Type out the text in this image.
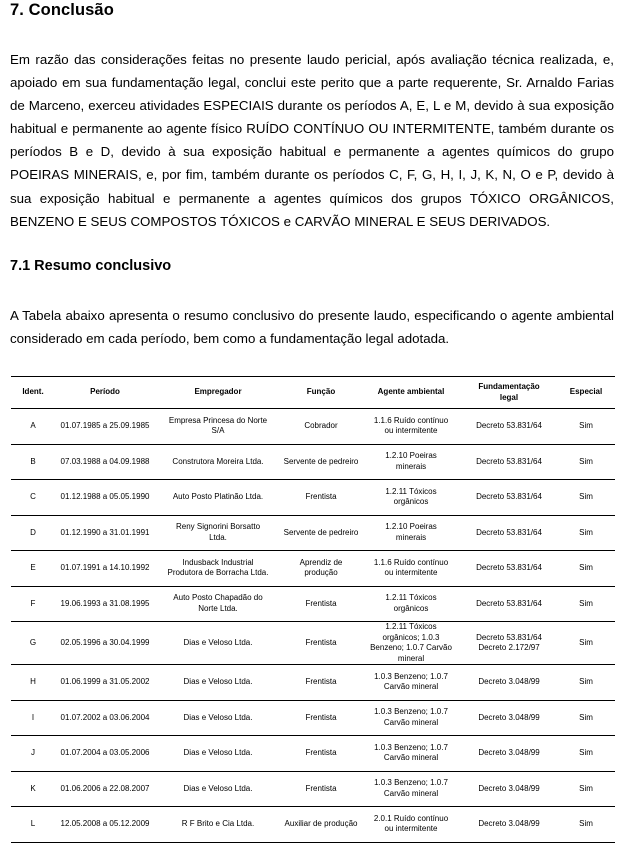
7. Conclusão

Em razão das considerações feitas no presente laudo pericial, após avaliação técnica realizada, e, apoiado em sua fundamentação legal, conclui este perito que a parte requerente, Sr. Arnaldo Farias de Marceno, exerceu atividades ESPECIAIS durante os períodos A, E, L e M, devido à sua exposição habitual e permanente ao agente físico RUÍDO CONTÍNUO OU INTERMITENTE, também durante os períodos B e D, devido à sua exposição habitual e permanente a agentes químicos do grupo POEIRAS MINERAIS, e, por fim, também durante os períodos C, F, G, H, I, J, K, N, O e P, devido à sua exposição habitual e permanente a agentes químicos dos grupos TÓXICO ORGÂNICOS, BENZENO E SEUS COMPOSTOS TÓXICOS e CARVÃO MINERAL E SEUS DERIVADOS.

7.1 Resumo conclusivo

A Tabela abaixo apresenta o resumo conclusivo do presente laudo, especificando o agente ambiental considerado em cada período, bem como a fundamentação legal adotada.

Ident.	Período	Empregador	Função	Agente ambiental	Fundamentação legal	Especial
A	01.07.1985 a 25.09.1985	Empresa Princesa do Norte S/A	Cobrador	1.1.6 Ruído contínuo ou intermitente	Decreto 53.831/64	Sim
B	07.03.1988 a 04.09.1988	Construtora Moreira Ltda.	Servente de pedreiro	1.2.10 Poeiras minerais	Decreto 53.831/64	Sim
C	01.12.1988 a 05.05.1990	Auto Posto Platinão Ltda.	Frentista	1.2.11 Tóxicos orgânicos	Decreto 53.831/64	Sim
D	01.12.1990 a 31.01.1991	Reny Signorini Borsatto Ltda.	Servente de pedreiro	1.2.10 Poeiras minerais	Decreto 53.831/64	Sim
E	01.07.1991 a 14.10.1992	Indusback Industrial Produtora de Borracha Ltda.	Aprendiz de produção	1.1.6 Ruído contínuo ou intermitente	Decreto 53.831/64	Sim
F	19.06.1993 a 31.08.1995	Auto Posto Chapadão do Norte Ltda.	Frentista	1.2.11 Tóxicos orgânicos	Decreto 53.831/64	Sim
G	02.05.1996 a 30.04.1999	Dias e Veloso Ltda.	Frentista	1.2.11 Tóxicos orgânicos; 1.0.3 Benzeno; 1.0.7 Carvão mineral	Decreto 53.831/64 Decreto 2.172/97	Sim
H	01.06.1999 a 31.05.2002	Dias e Veloso Ltda.	Frentista	1.0.3 Benzeno; 1.0.7 Carvão mineral	Decreto 3.048/99	Sim
I	01.07.2002 a 03.06.2004	Dias e Veloso Ltda.	Frentista	1.0.3 Benzeno; 1.0.7 Carvão mineral	Decreto 3.048/99	Sim
J	01.07.2004 a 03.05.2006	Dias e Veloso Ltda.	Frentista	1.0.3 Benzeno; 1.0.7 Carvão mineral	Decreto 3.048/99	Sim
K	01.06.2006 a 22.08.2007	Dias e Veloso Ltda.	Frentista	1.0.3 Benzeno; 1.0.7 Carvão mineral	Decreto 3.048/99	Sim
L	12.05.2008 a 05.12.2009	R F Brito e Cia Ltda.	Auxiliar de produção	2.0.1 Ruído contínuo ou intermitente	Decreto 3.048/99	Sim
